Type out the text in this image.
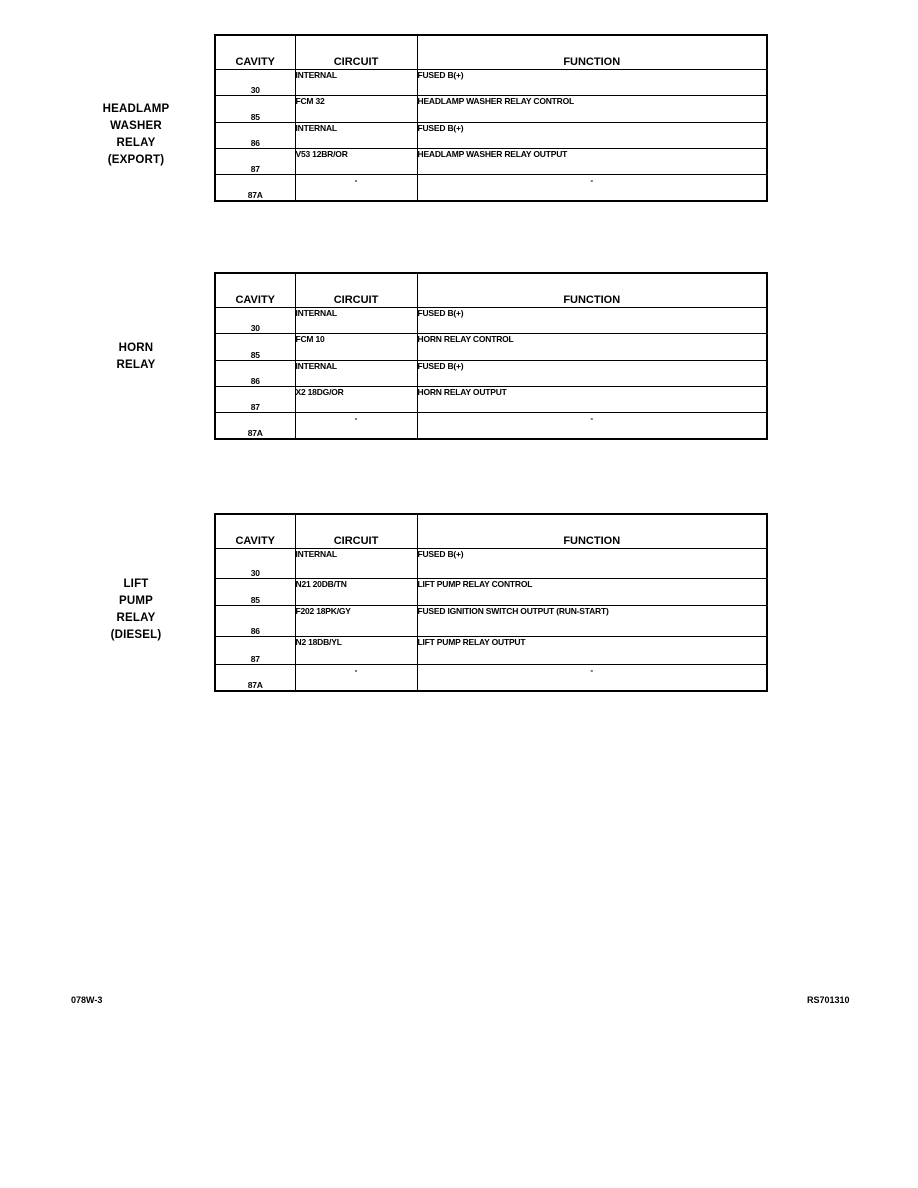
HEADLAMP
WASHER
RELAY
(EXPORT)
CAVITY	CIRCUIT	FUNCTION
30	INTERNAL	FUSED B(+)
85	FCM 32	HEADLAMP WASHER RELAY CONTROL
86	INTERNAL	FUSED B(+)
87	V53 12BR/OR	HEADLAMP WASHER RELAY OUTPUT
87A	-	-
HORN
RELAY
CAVITY	CIRCUIT	FUNCTION
30	INTERNAL	FUSED B(+)
85	FCM 10	HORN RELAY CONTROL
86	INTERNAL	FUSED B(+)
87	X2 18DG/OR	HORN RELAY OUTPUT
87A	-	-
LIFT
PUMP
RELAY
(DIESEL)
CAVITY	CIRCUIT	FUNCTION
30	INTERNAL	FUSED B(+)
85	N21 20DB/TN	LIFT PUMP RELAY CONTROL
86	F202 18PK/GY	FUSED IGNITION SWITCH OUTPUT (RUN-START)
87	N2 18DB/YL	LIFT PUMP RELAY OUTPUT
87A	-	-
078W-3	RS701310
